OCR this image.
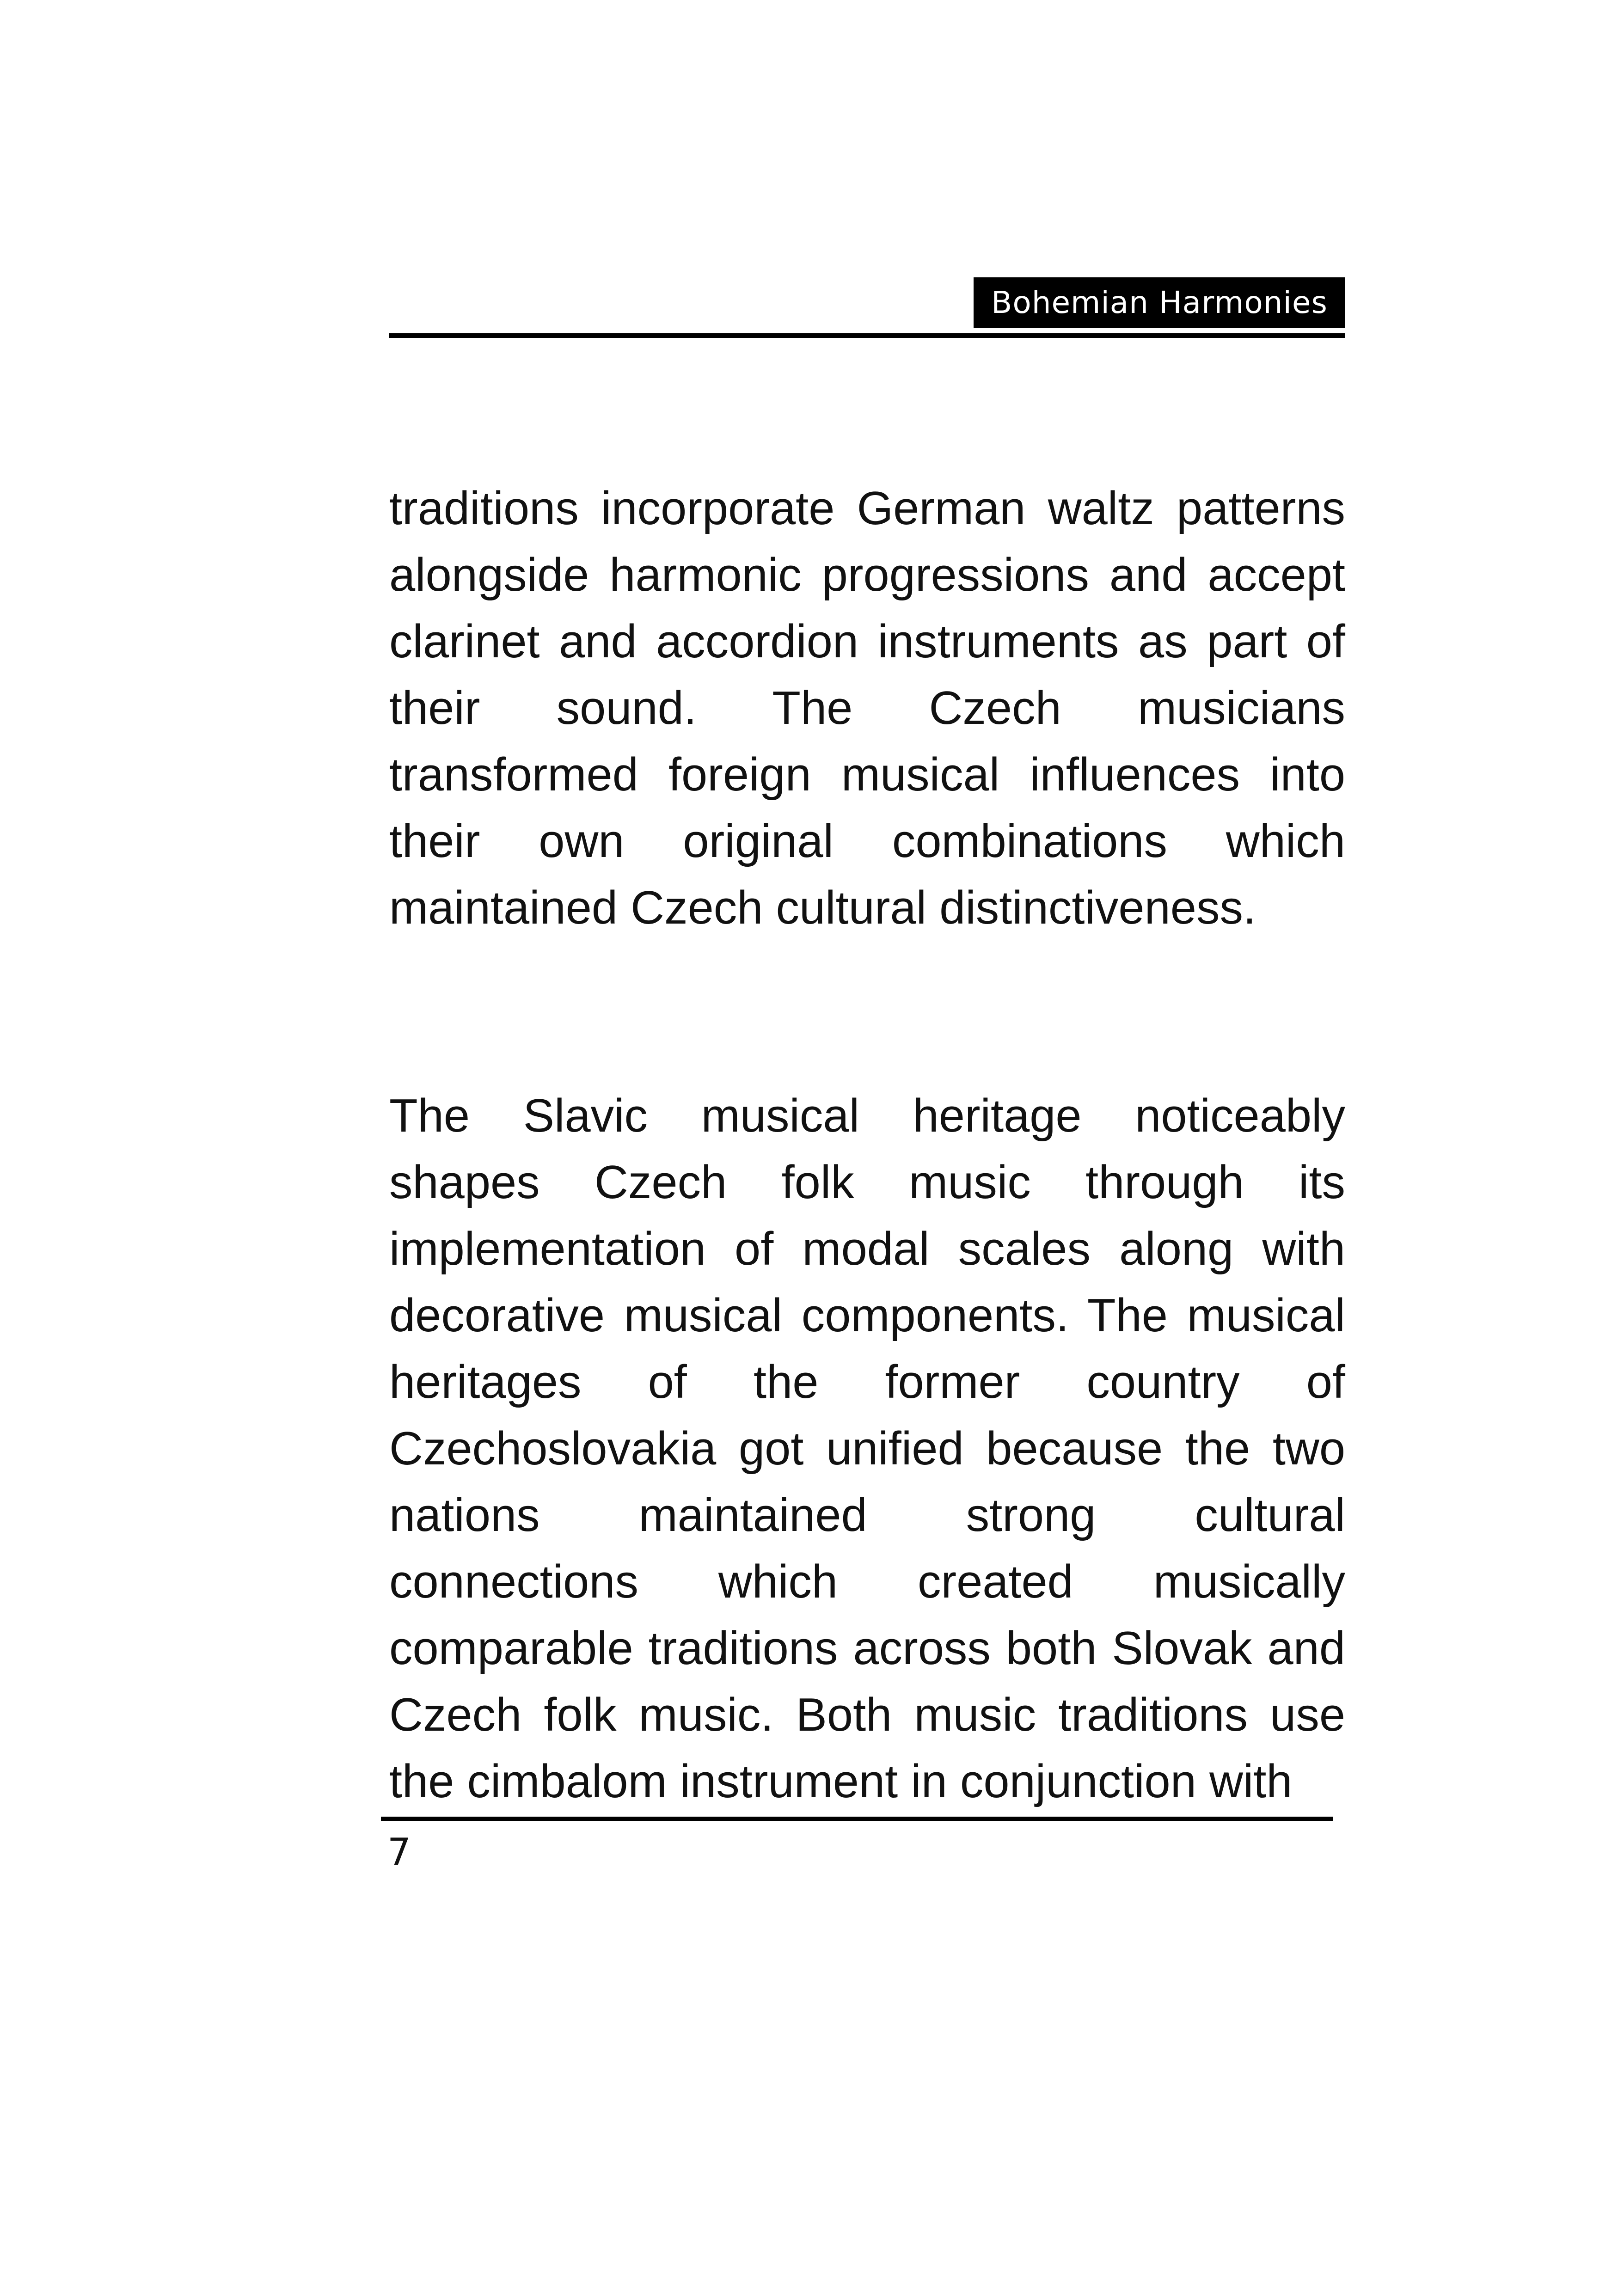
Bohemian Harmonies

traditions incorporate German waltz patterns alongside harmonic progressions and accept clarinet and accordion instruments as part of their sound. The Czech musicians transformed foreign musical influences into their own original combinations which maintained Czech cultural distinctiveness.

The Slavic musical heritage noticeably shapes Czech folk music through its implementation of modal scales along with decorative musical components. The musical heritages of the former country of Czechoslovakia got unified because the two nations maintained strong cultural connections which created musically comparable traditions across both Slovak and Czech folk music. Both music traditions use the cimbalom instrument in conjunction with

7
